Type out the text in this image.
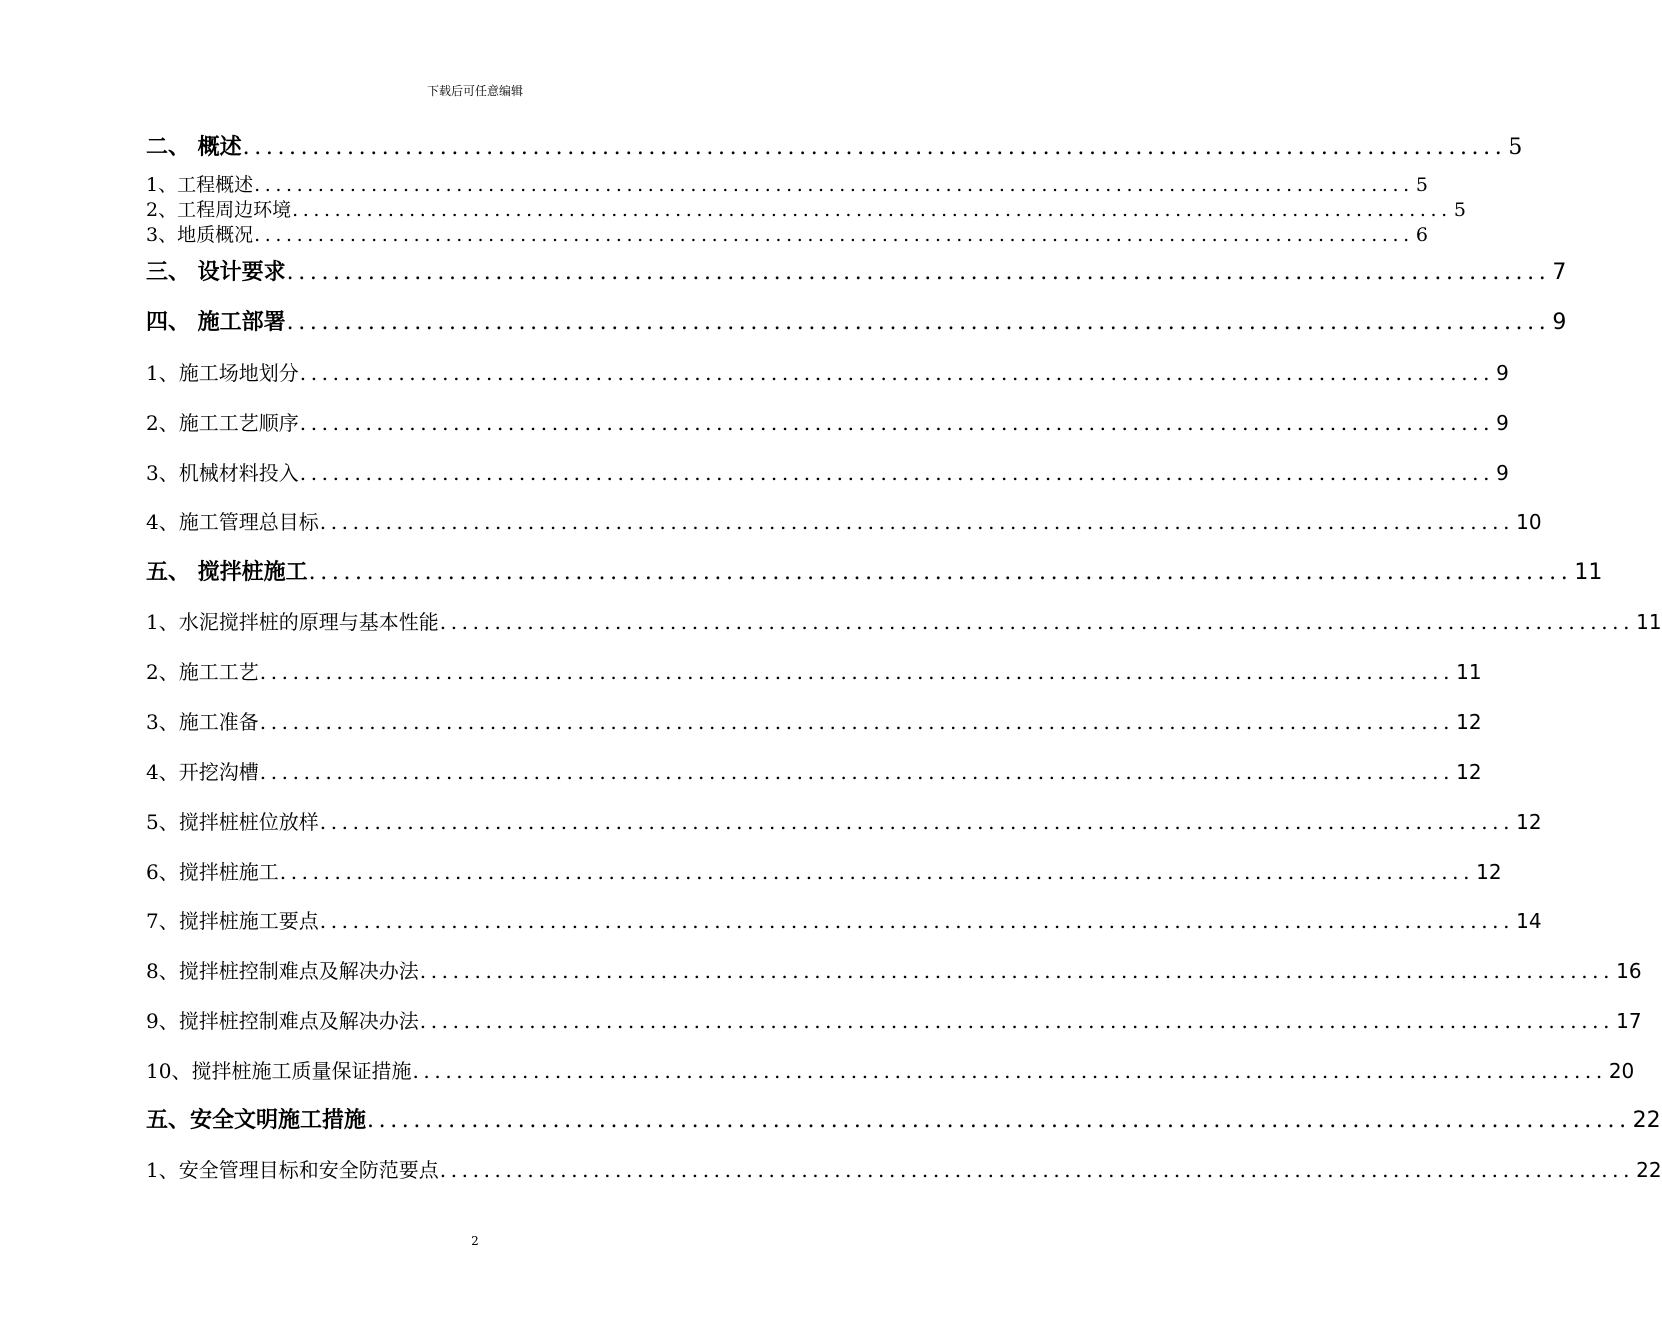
下载后可任意编辑
二、 概述 ............................................................................................................. 5
1、工程概述 ............................................................................................................. 5
2、工程周边环境 ............................................................................................................. 5
3、地质概况 ............................................................................................................. 6
三、 设计要求 ............................................................................................................. 7
四、 施工部署 ............................................................................................................. 9
1、施工场地划分 ............................................................................................................. 9
2、施工工艺顺序 ............................................................................................................. 9
3、机械材料投入 ............................................................................................................. 9
4、施工管理总目标 ............................................................................................................. 10
五、 搅拌桩施工 ............................................................................................................. 11
1、水泥搅拌桩的原理与基本性能 ............................................................................................................. 11
2、施工工艺 ............................................................................................................. 11
3、施工准备 ............................................................................................................. 12
4、开挖沟槽 ............................................................................................................. 12
5、搅拌桩桩位放样 ............................................................................................................. 12
6、搅拌桩施工 ............................................................................................................. 12
7、搅拌桩施工要点 ............................................................................................................. 14
8、搅拌桩控制难点及解决办法 ............................................................................................................. 16
9、搅拌桩控制难点及解决办法 ............................................................................................................. 17
10、搅拌桩施工质量保证措施 ............................................................................................................. 20
五、安全文明施工措施 ............................................................................................................. 22
1、安全管理目标和安全防范要点 ............................................................................................................. 22
2
